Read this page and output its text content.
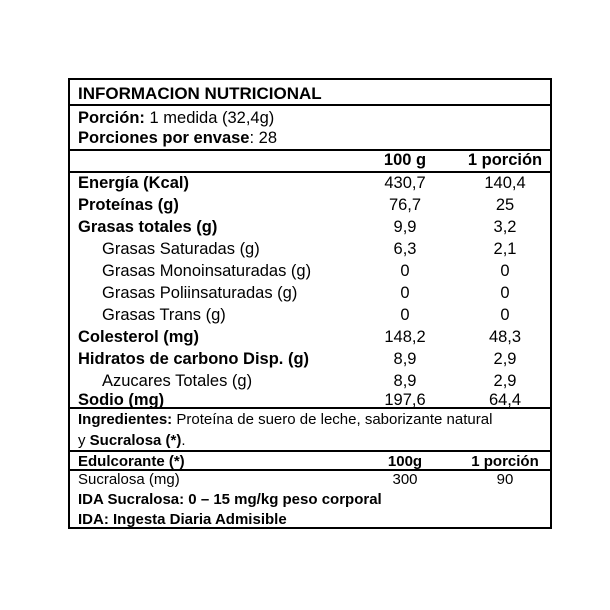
INFORMACION NUTRICIONAL
Porción: 1 medida (32,4g)
Porciones por envase: 28
100 g	1 porción
Energía (Kcal)	430,7	140,4
Proteínas (g)	76,7	25
Grasas totales (g)	9,9	3,2
Grasas Saturadas (g)	6,3	2,1
Grasas Monoinsaturadas (g)	0	0
Grasas Poliinsaturadas (g)	0	0
Grasas Trans (g)	0	0
Colesterol (mg)	148,2	48,3
Hidratos de carbono Disp. (g)	8,9	2,9
Azucares Totales (g)	8,9	2,9
Sodio (mg)	197,6	64,4
Ingredientes: Proteína de suero de leche, saborizante natural
y Sucralosa (*).
Edulcorante (*)	100g	1 porción
Sucralosa (mg)	300	90
IDA Sucralosa: 0 – 15 mg/kg peso corporal
IDA: Ingesta Diaria Admisible
